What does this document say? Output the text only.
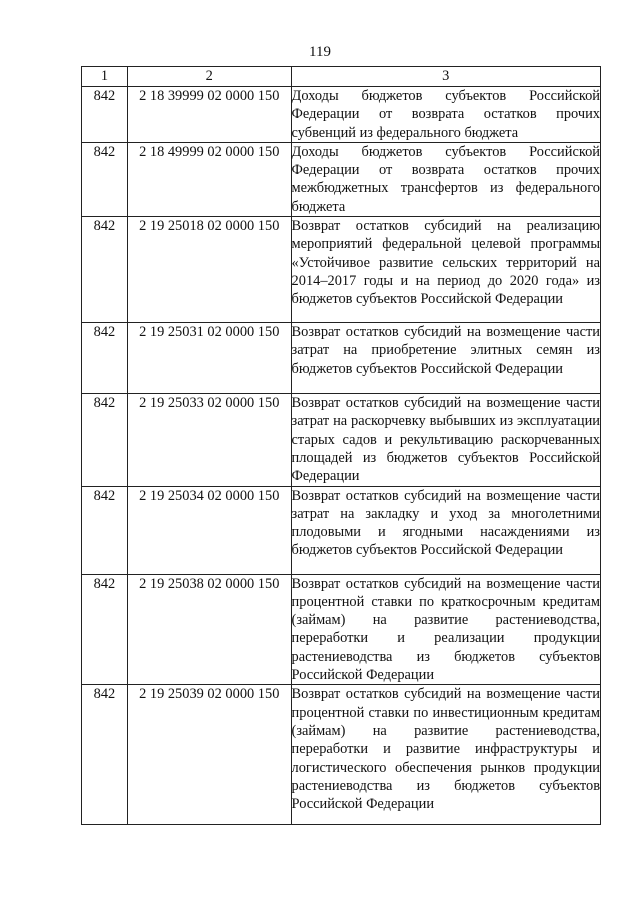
119
1	2	3
842	2 18 39999 02 0000 150	Доходы бюджетов субъектов Российской Федерации от возврата остатков прочих субвенций из федерального бюджета
842	2 18 49999 02 0000 150	Доходы бюджетов субъектов Российской Федерации от возврата остатков прочих межбюджетных трансфертов из федерального бюджета
842	2 19 25018 02 0000 150	Возврат остатков субсидий на реализацию мероприятий федеральной целевой программы «Устойчивое развитие сельских территорий на 2014–2017 годы и на период до 2020 года» из бюджетов субъектов Российской Федерации
842	2 19 25031 02 0000 150	Возврат остатков субсидий на возмещение части затрат на приобретение элитных семян из бюджетов субъектов Российской Федерации
842	2 19 25033 02 0000 150	Возврат остатков субсидий на возмещение части затрат на раскорчевку выбывших из эксплуатации старых садов и рекультивацию раскорчеванных площадей из бюджетов субъектов Российской Федерации
842	2 19 25034 02 0000 150	Возврат остатков субсидий на возмещение части затрат на закладку и уход за многолетними плодовыми и ягодными насаждениями из бюджетов субъектов Российской Федерации
842	2 19 25038 02 0000 150	Возврат остатков субсидий на возмещение части процентной ставки по краткосрочным кредитам (займам) на развитие растениеводства, переработки и реализации продукции растениеводства из бюджетов субъектов Российской Федерации
842	2 19 25039 02 0000 150	Возврат остатков субсидий на возмещение части процентной ставки по инвестиционным кредитам (займам) на развитие растениеводства, переработки и развитие инфраструктуры и логистического обеспечения рынков продукции растениеводства из бюджетов субъектов Российской Федерации
